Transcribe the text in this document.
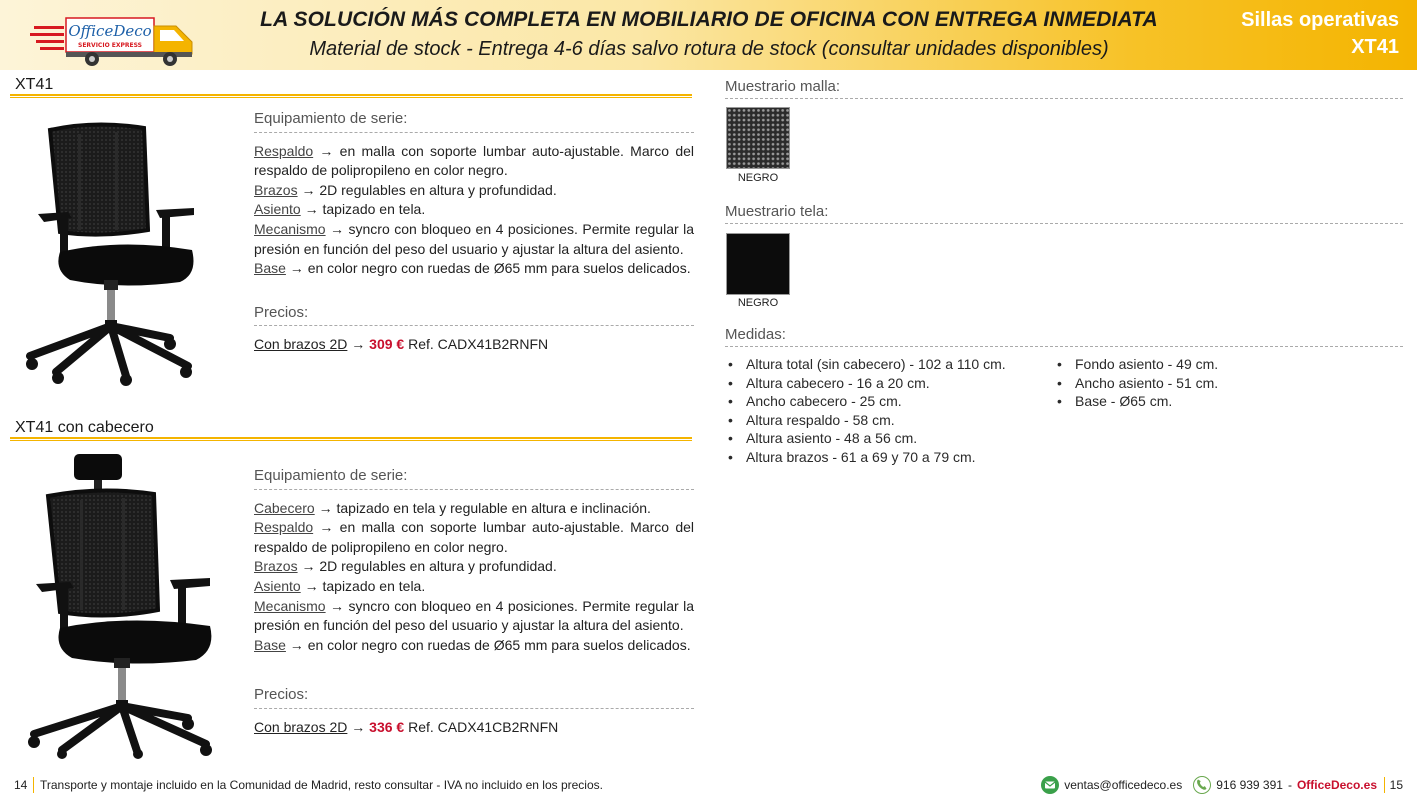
OfficeDeco
SERVICIO EXPRESS
LA SOLUCIÓN MÁS COMPLETA EN MOBILIARIO DE OFICINA CON ENTREGA INMEDIATA
Material de stock - Entrega 4-6 días salvo rotura de stock (consultar unidades disponibles)
Sillas operativas
XT41
XT41
Equipamiento de serie:
Respaldo → en malla con soporte lumbar auto-ajustable. Marco del respaldo de polipropileno en color negro.
Brazos → 2D regulables en altura y profundidad.
Asiento → tapizado en tela.
Mecanismo → syncro con bloqueo en 4 posiciones. Permite regular la presión en función del peso del usuario y ajustar la altura del asiento.
Base → en color negro con ruedas de Ø65 mm para suelos delicados.
Precios:
Con brazos 2D → 309 € Ref. CADX41B2RNFN
XT41 con cabecero
Equipamiento de serie:
Cabecero → tapizado en tela y regulable en altura e inclinación.
Respaldo → en malla con soporte lumbar auto-ajustable. Marco del respaldo de polipropileno en color negro.
Brazos → 2D regulables en altura y profundidad.
Asiento → tapizado en tela.
Mecanismo → syncro con bloqueo en 4 posiciones. Permite regular la presión en función del peso del usuario y ajustar la altura del asiento.
Base → en color negro con ruedas de Ø65 mm para suelos delicados.
Precios:
Con brazos 2D → 336 € Ref. CADX41CB2RNFN
Muestrario malla:
NEGRO
Muestrario tela:
NEGRO
Medidas:
• Altura total (sin cabecero) - 102 a 110 cm.
• Altura cabecero - 16 a 20 cm.
• Ancho cabecero - 25 cm.
• Altura respaldo - 58 cm.
• Altura asiento - 48 a 56 cm.
• Altura brazos - 61 a 69 y 70 a 79 cm.
• Fondo asiento - 49 cm.
• Ancho asiento - 51 cm.
• Base - Ø65 cm.
14 Transporte y montaje incluido en la Comunidad de Madrid, resto consultar - IVA no incluido en los precios.	ventas@officedeco.es	916 939 391 - OfficeDeco.es 15
